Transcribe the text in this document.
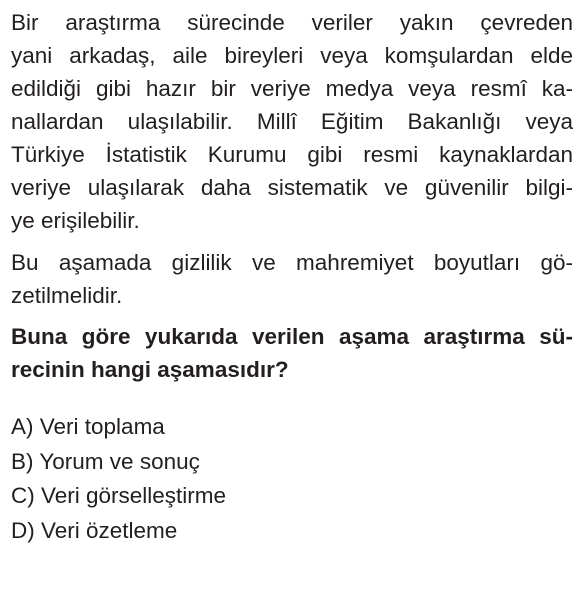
Bir araştırma sürecinde veriler yakın çevreden
yani arkadaş, aile bireyleri veya komşulardan elde
edildiği gibi hazır bir veriye medya veya resmî ka-
nallardan ulaşılabilir. Millî Eğitim Bakanlığı veya
Türkiye İstatistik Kurumu gibi resmi kaynaklardan
veriye ulaşılarak daha sistematik ve güvenilir bilgi-
ye erişilebilir.
Bu aşamada gizlilik ve mahremiyet boyutları gö-
zetilmelidir.
Buna göre yukarıda verilen aşama araştırma sü-
recinin hangi aşamasıdır?
A) Veri toplama
B) Yorum ve sonuç
C) Veri görselleştirme
D) Veri özetleme
